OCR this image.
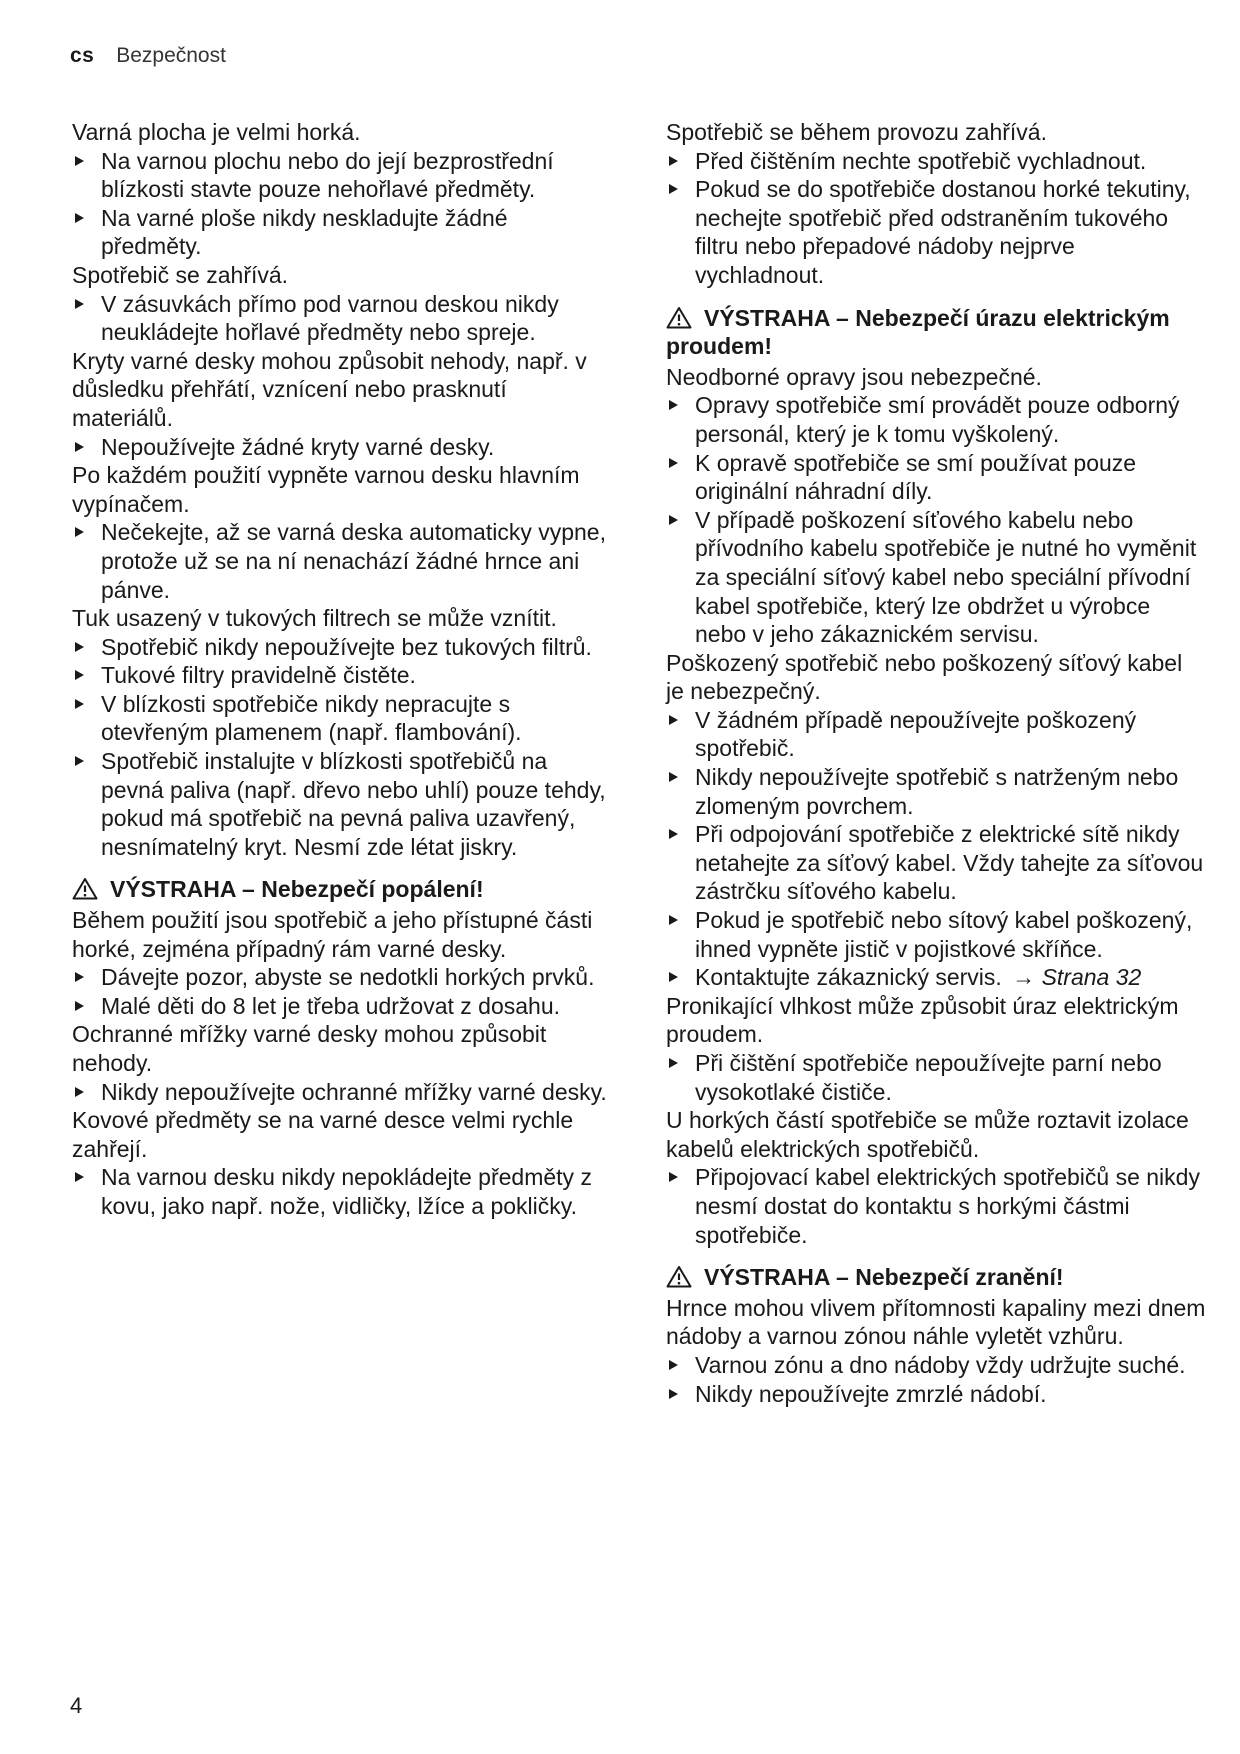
cs Bezpečnost
Varná plocha je velmi horká.
Na varnou plochu nebo do její bezprostřední blízkosti stavte pouze nehořlavé předměty.
Na varné ploše nikdy neskladujte žádné předměty.
Spotřebič se zahřívá.
V zásuvkách přímo pod varnou deskou nikdy neukládejte hořlavé předměty nebo spreje.
Kryty varné desky mohou způsobit nehody, např. v důsledku přehřátí, vznícení nebo prasknutí materiálů.
Nepoužívejte žádné kryty varné desky.
Po každém použití vypněte varnou desku hlavním vypínačem.
Nečekejte, až se varná deska automaticky vypne, protože už se na ní nenachází žádné hrnce ani pánve.
Tuk usazený v tukových filtrech se může vznítit.
Spotřebič nikdy nepoužívejte bez tukových filtrů.
Tukové filtry pravidelně čistěte.
V blízkosti spotřebiče nikdy nepracujte s otevřeným plamenem (např. flambování).
Spotřebič instalujte v blízkosti spotřebičů na pevná paliva (např. dřevo nebo uhlí) pouze tehdy, pokud má spotřebič na pevná paliva uzavřený, nesnímatelný kryt. Nesmí zde létat jiskry.
VÝSTRAHA – Nebezpečí popálení!
Během použití jsou spotřebič a jeho přístupné části horké, zejména případný rám varné desky.
Dávejte pozor, abyste se nedotkli horkých prvků.
Malé děti do 8 let je třeba udržovat z dosahu.
Ochranné mřížky varné desky mohou způsobit nehody.
Nikdy nepoužívejte ochranné mřížky varné desky.
Kovové předměty se na varné desce velmi rychle zahřejí.
Na varnou desku nikdy nepokládejte předměty z kovu, jako např. nože, vidličky, lžíce a pokličky.
Spotřebič se během provozu zahřívá.
Před čištěním nechte spotřebič vychladnout.
Pokud se do spotřebiče dostanou horké tekutiny, nechejte spotřebič před odstraněním tukového filtru nebo přepadové nádoby nejprve vychladnout.
VÝSTRAHA – Nebezpečí úrazu elektrickým proudem!
Neodborné opravy jsou nebezpečné.
Opravy spotřebiče smí provádět pouze odborný personál, který je k tomu vyškolený.
K opravě spotřebiče se smí používat pouze originální náhradní díly.
V případě poškození síťového kabelu nebo přívodního kabelu spotřebiče je nutné ho vyměnit za speciální síťový kabel nebo speciální přívodní kabel spotřebiče, který lze obdržet u výrobce nebo v jeho zákaznickém servisu.
Poškozený spotřebič nebo poškozený síťový kabel je nebezpečný.
V žádném případě nepoužívejte poškozený spotřebič.
Nikdy nepoužívejte spotřebič s natrženým nebo zlomeným povrchem.
Při odpojování spotřebiče z elektrické sítě nikdy netahejte za síťový kabel. Vždy tahejte za síťovou zástrčku síťového kabelu.
Pokud je spotřebič nebo sítový kabel poškozený, ihned vypněte jistič v pojistkové skříňce.
Kontaktujte zákaznický servis. → Strana 32
Pronikající vlhkost může způsobit úraz elektrickým proudem.
Při čištění spotřebiče nepoužívejte parní nebo vysokotlaké čističe.
U horkých částí spotřebiče se může roztavit izolace kabelů elektrických spotřebičů.
Připojovací kabel elektrických spotřebičů se nikdy nesmí dostat do kontaktu s horkými částmi spotřebiče.
VÝSTRAHA – Nebezpečí zranění!
Hrnce mohou vlivem přítomnosti kapaliny mezi dnem nádoby a varnou zónou náhle vyletět vzhůru.
Varnou zónu a dno nádoby vždy udržujte suché.
Nikdy nepoužívejte zmrzlé nádobí.
4
